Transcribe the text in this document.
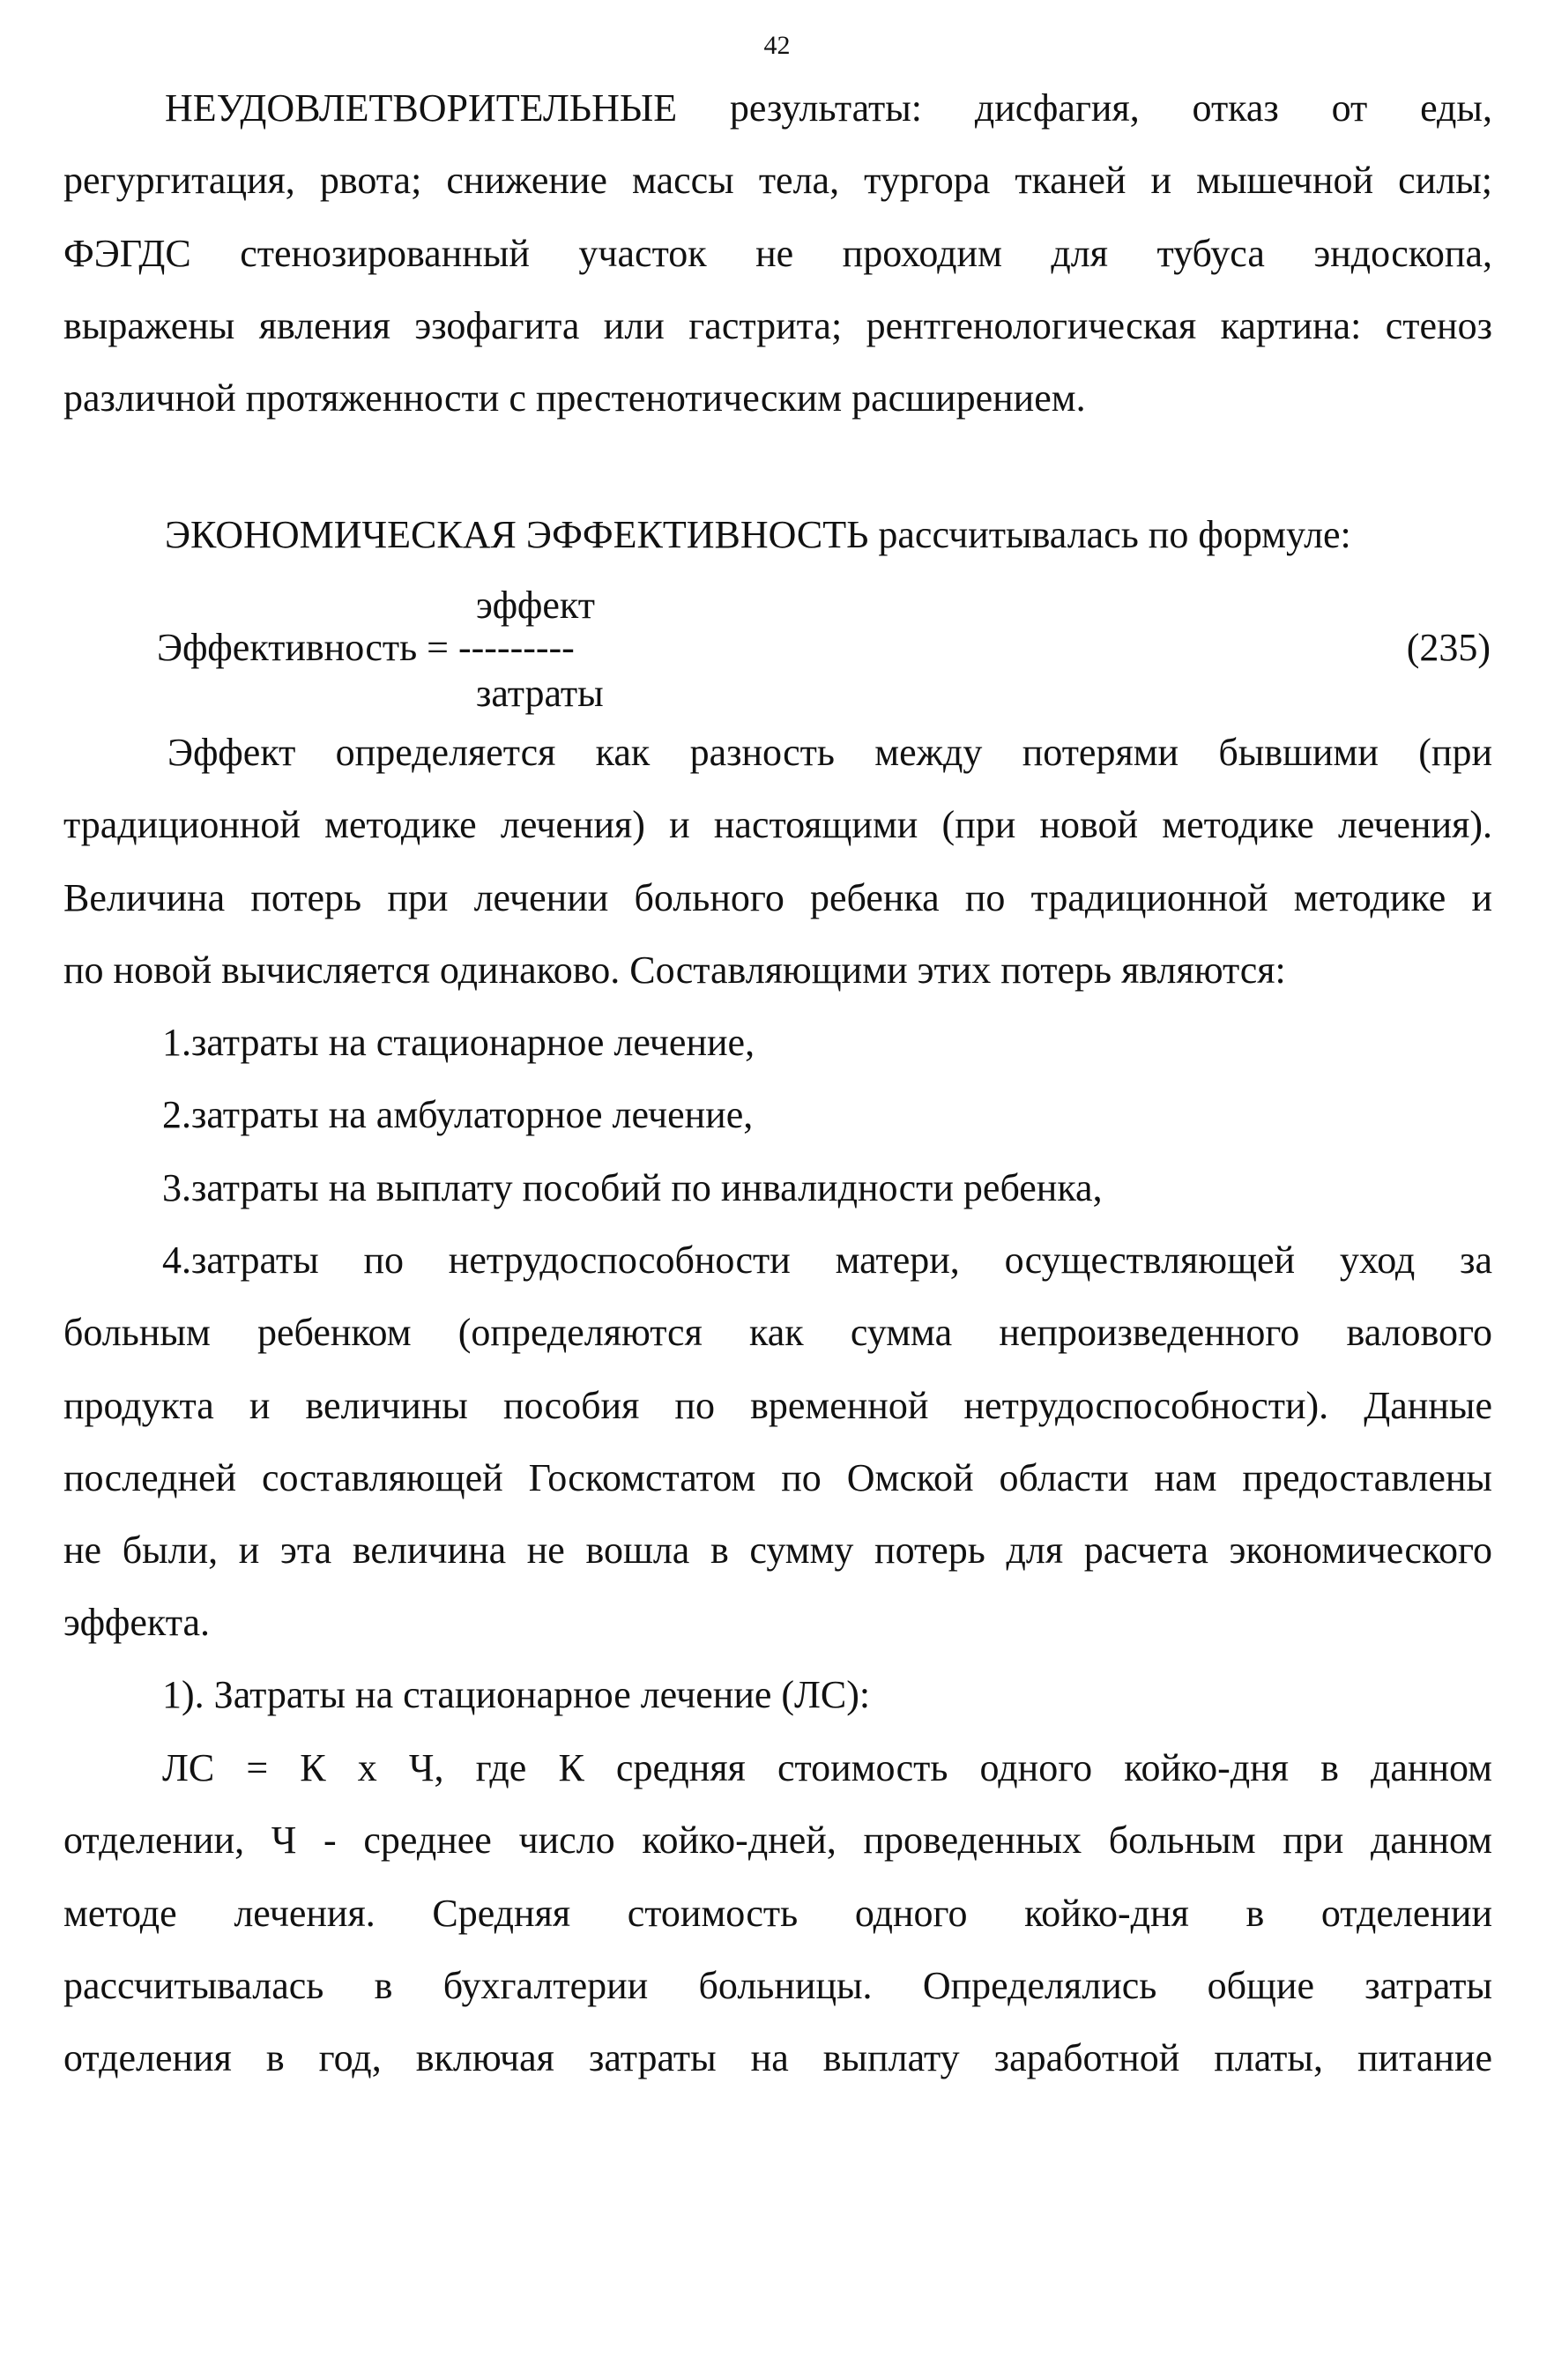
42
НЕУДОВЛЕТВОРИТЕЛЬНЫЕ результаты: дисфагия, отказ от еды,
регургитация, рвота; снижение массы тела, тургора тканей и мышечной силы;
ФЭГДС стенозированный участок не проходим для тубуса эндоскопа,
выражены явления эзофагита или гастрита; рентгенологическая картина: стеноз
различной протяженности с престенотическим расширением.
ЭКОНОМИЧЕСКАЯ ЭФФЕКТИВНОСТЬ рассчитывалась по формуле:
эффект
Эффективность = ---------
затраты
(235)
Эффект определяется как разность между потерями бывшими (при
традиционной методике лечения) и настоящими (при новой методике лечения).
Величина потерь при лечении больного ребенка по традиционной методике и
по новой вычисляется одинаково. Составляющими этих потерь являются:
1.затраты на стационарное лечение,
2.затраты на амбулаторное лечение,
3.затраты на выплату пособий по инвалидности ребенка,
4.затраты по нетрудоспособности матери, осуществляющей уход за
больным ребенком (определяются как сумма непроизведенного валового
продукта и величины пособия по временной нетрудоспособности). Данные
последней составляющей Госкомстатом по Омской области нам предоставлены
не были, и эта величина не вошла в сумму потерь для расчета экономического
эффекта.
1). Затраты на стационарное лечение (ЛС):
ЛС = К х Ч, где К средняя стоимость одного койко-дня в данном
отделении, Ч - среднее число койко-дней, проведенных больным при данном
методе лечения. Средняя стоимость одного койко-дня в отделении
рассчитывалась в бухгалтерии больницы. Определялись общие затраты
отделения в год, включая затраты на выплату заработной платы, питание
